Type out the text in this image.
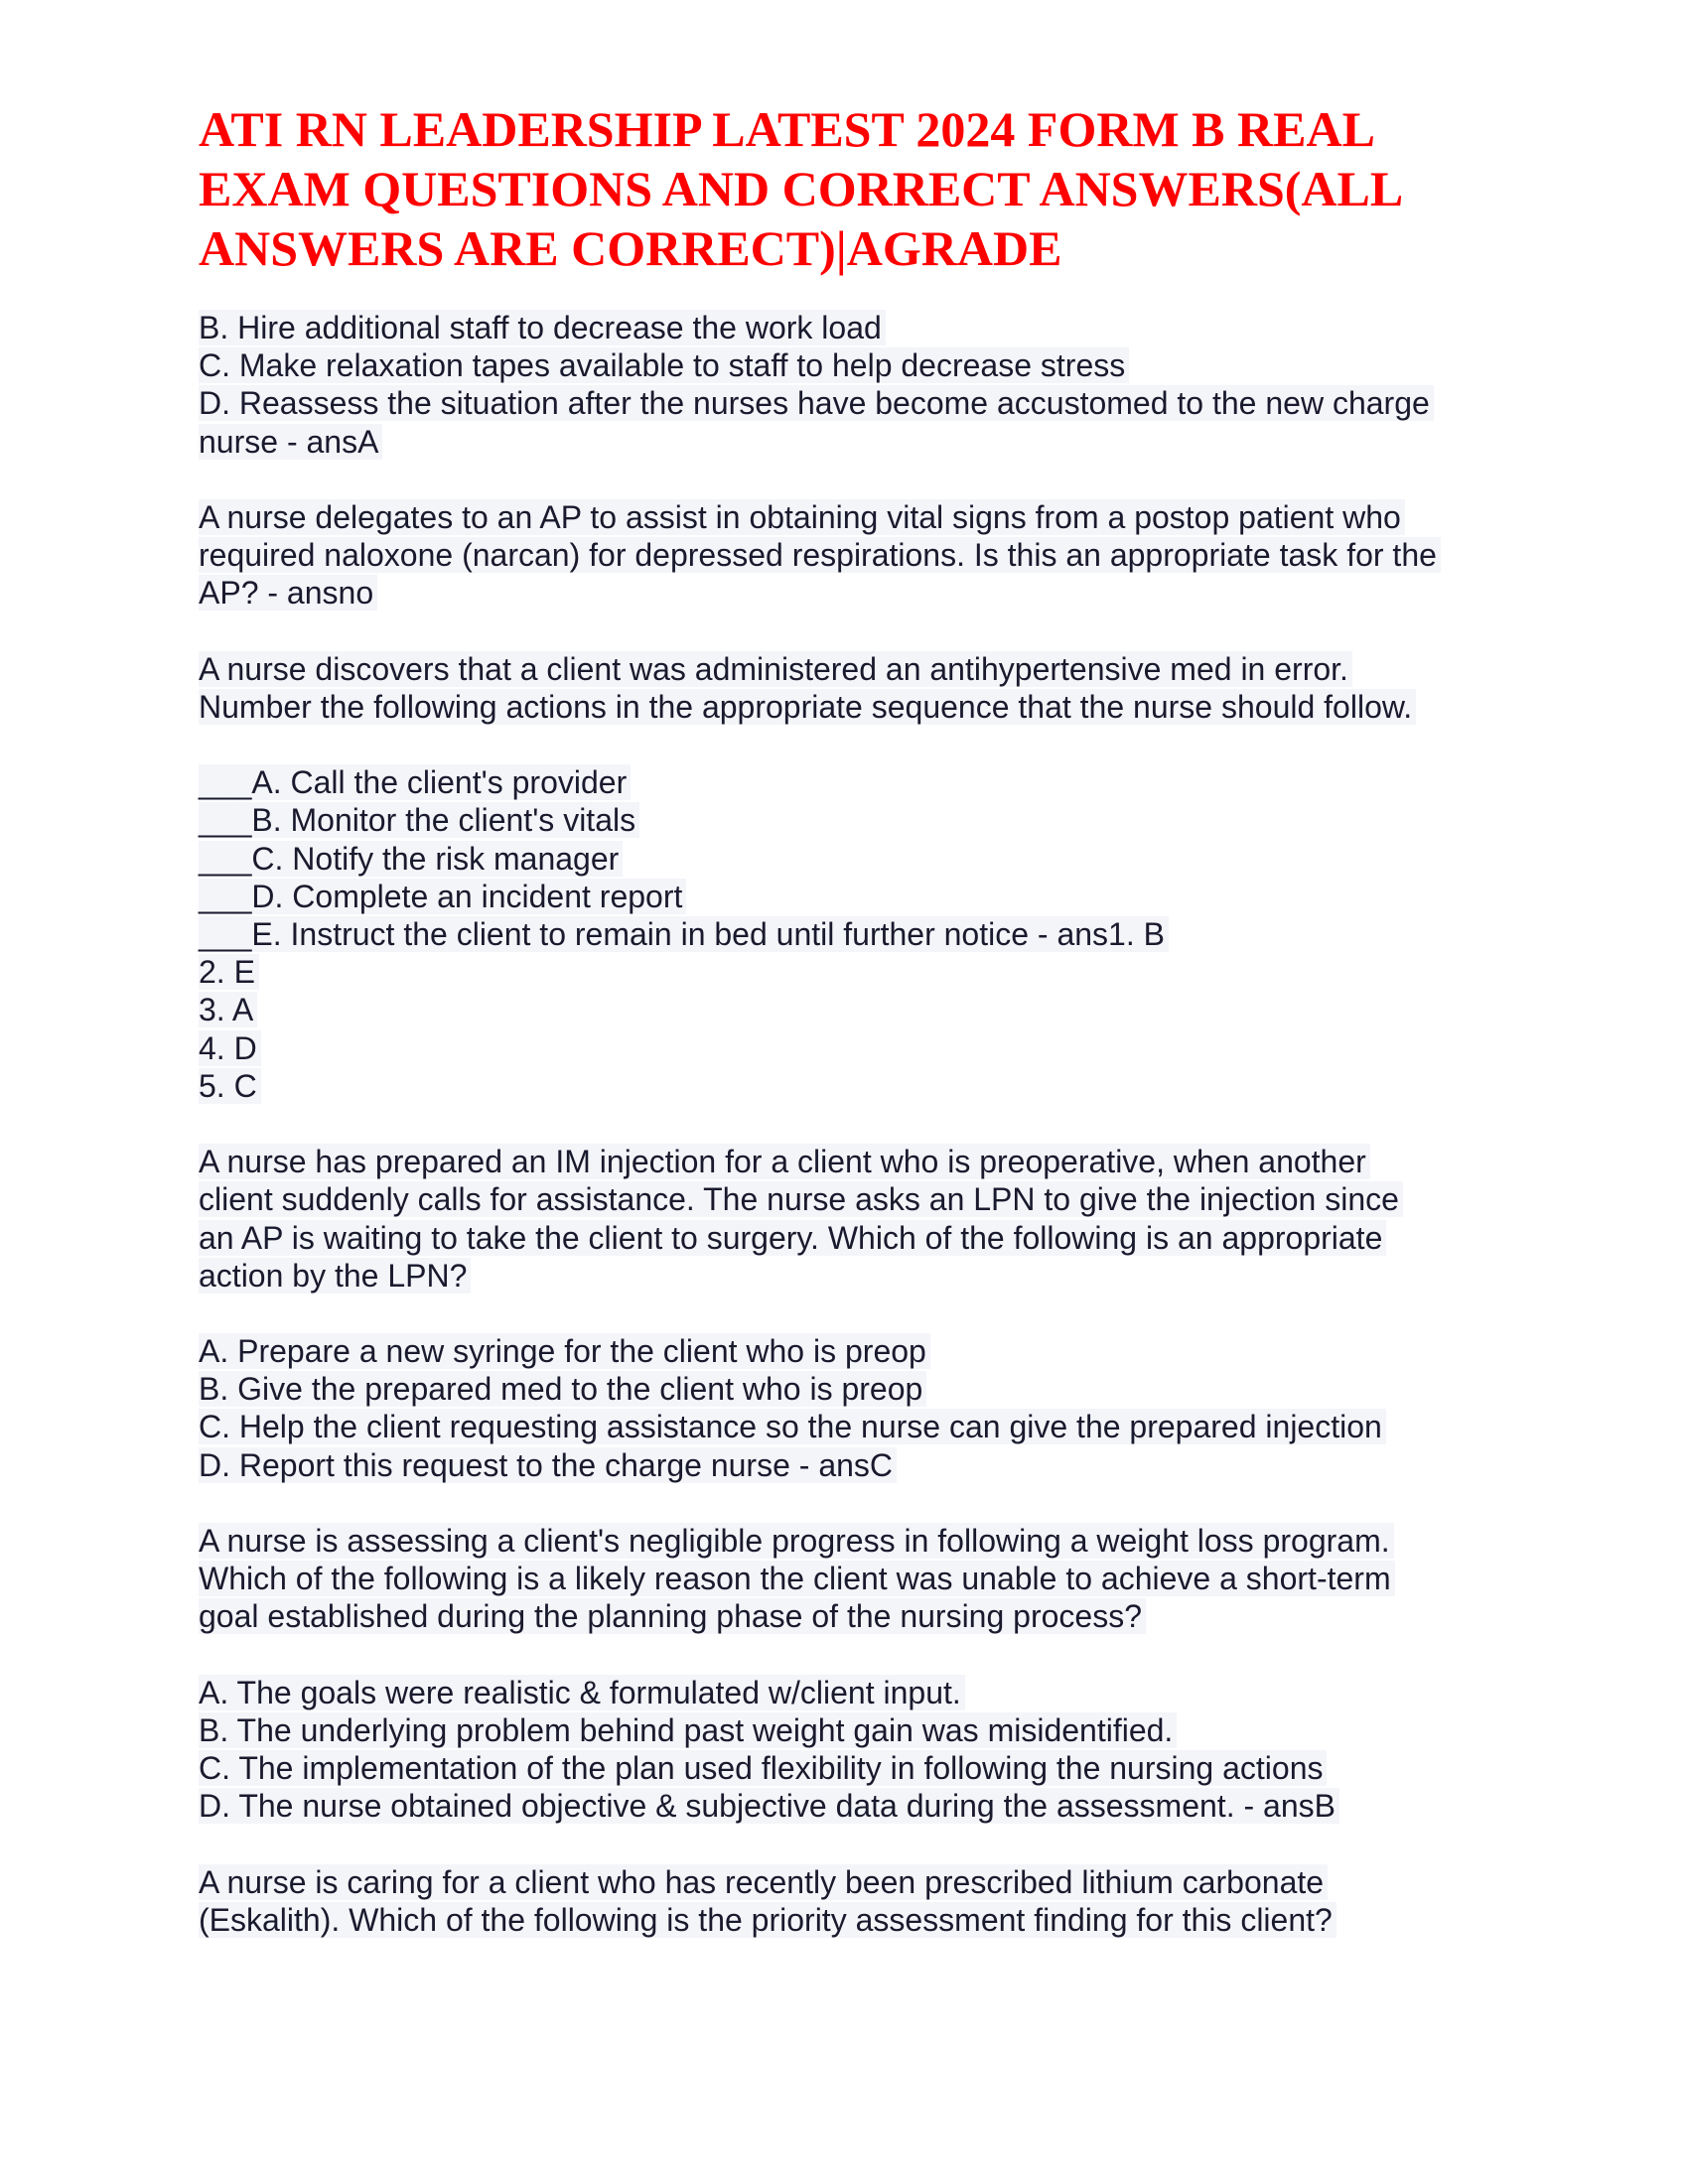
ATI RN LEADERSHIP LATEST 2024 FORM B REAL
EXAM QUESTIONS AND CORRECT ANSWERS(ALL
ANSWERS ARE CORRECT)|AGRADE
B. Hire additional staff to decrease the work load
C. Make relaxation tapes available to staff to help decrease stress
D. Reassess the situation after the nurses have become accustomed to the new charge
nurse - ansA
A nurse delegates to an AP to assist in obtaining vital signs from a postop patient who
required naloxone (narcan) for depressed respirations. Is this an appropriate task for the
AP? - ansno
A nurse discovers that a client was administered an antihypertensive med in error.
Number the following actions in the appropriate sequence that the nurse should follow.
___A. Call the client's provider
___B. Monitor the client's vitals
___C. Notify the risk manager
___D. Complete an incident report
___E. Instruct the client to remain in bed until further notice - ans1. B
2. E
3. A
4. D
5. C
A nurse has prepared an IM injection for a client who is preoperative, when another
client suddenly calls for assistance. The nurse asks an LPN to give the injection since
an AP is waiting to take the client to surgery. Which of the following is an appropriate
action by the LPN?
A. Prepare a new syringe for the client who is preop
B. Give the prepared med to the client who is preop
C. Help the client requesting assistance so the nurse can give the prepared injection
D. Report this request to the charge nurse - ansC
A nurse is assessing a client's negligible progress in following a weight loss program.
Which of the following is a likely reason the client was unable to achieve a short-term
goal established during the planning phase of the nursing process?
A. The goals were realistic & formulated w/client input.
B. The underlying problem behind past weight gain was misidentified.
C. The implementation of the plan used flexibility in following the nursing actions
D. The nurse obtained objective & subjective data during the assessment. - ansB
A nurse is caring for a client who has recently been prescribed lithium carbonate
(Eskalith). Which of the following is the priority assessment finding for this client?
